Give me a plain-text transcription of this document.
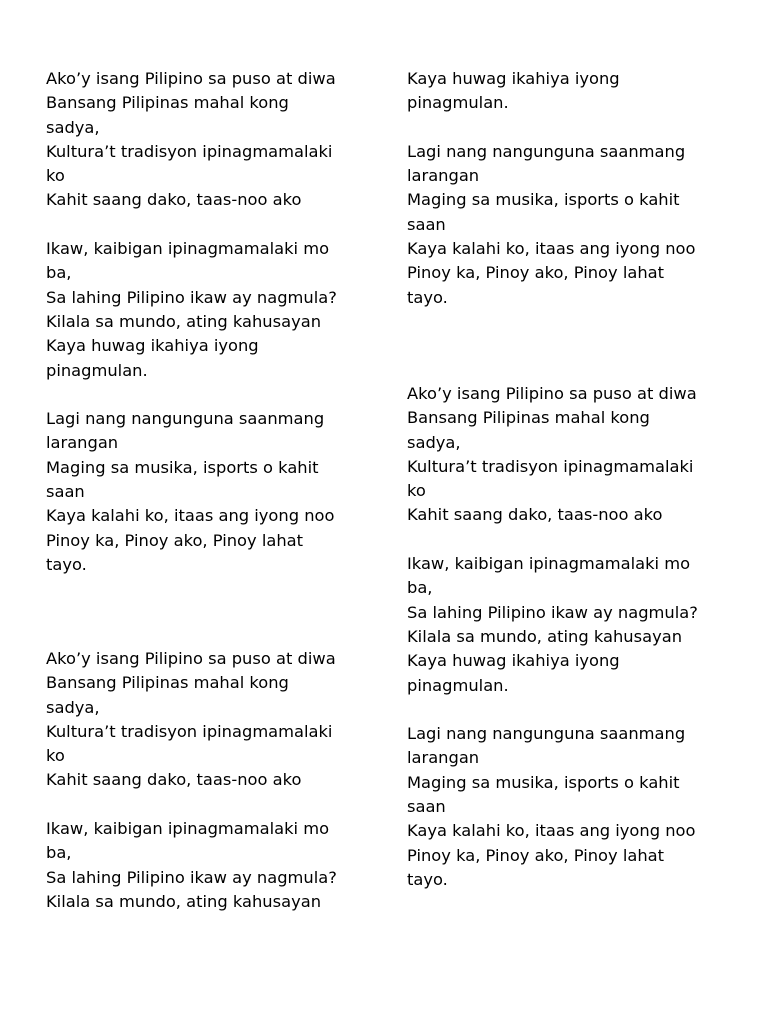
Ako’y isang Pilipino sa puso at diwa
Bansang Pilipinas mahal kong
sadya,
Kultura’t tradisyon ipinagmamalaki
ko
Kahit saang dako, taas-noo ako
Ikaw, kaibigan ipinagmamalaki mo
ba,
Sa lahing Pilipino ikaw ay nagmula?
Kilala sa mundo, ating kahusayan
Kaya huwag ikahiya iyong
pinagmulan.
Lagi nang nangunguna saanmang
larangan
Maging sa musika, isports o kahit
saan
Kaya kalahi ko, itaas ang iyong noo
Pinoy ka, Pinoy ako, Pinoy lahat
tayo.
Ako’y isang Pilipino sa puso at diwa
Bansang Pilipinas mahal kong
sadya,
Kultura’t tradisyon ipinagmamalaki
ko
Kahit saang dako, taas-noo ako
Ikaw, kaibigan ipinagmamalaki mo
ba,
Sa lahing Pilipino ikaw ay nagmula?
Kilala sa mundo, ating kahusayan
Kaya huwag ikahiya iyong
pinagmulan.
Lagi nang nangunguna saanmang
larangan
Maging sa musika, isports o kahit
saan
Kaya kalahi ko, itaas ang iyong noo
Pinoy ka, Pinoy ako, Pinoy lahat
tayo.
Ako’y isang Pilipino sa puso at diwa
Bansang Pilipinas mahal kong
sadya,
Kultura’t tradisyon ipinagmamalaki
ko
Kahit saang dako, taas-noo ako
Ikaw, kaibigan ipinagmamalaki mo
ba,
Sa lahing Pilipino ikaw ay nagmula?
Kilala sa mundo, ating kahusayan
Kaya huwag ikahiya iyong
pinagmulan.
Lagi nang nangunguna saanmang
larangan
Maging sa musika, isports o kahit
saan
Kaya kalahi ko, itaas ang iyong noo
Pinoy ka, Pinoy ako, Pinoy lahat
tayo.
